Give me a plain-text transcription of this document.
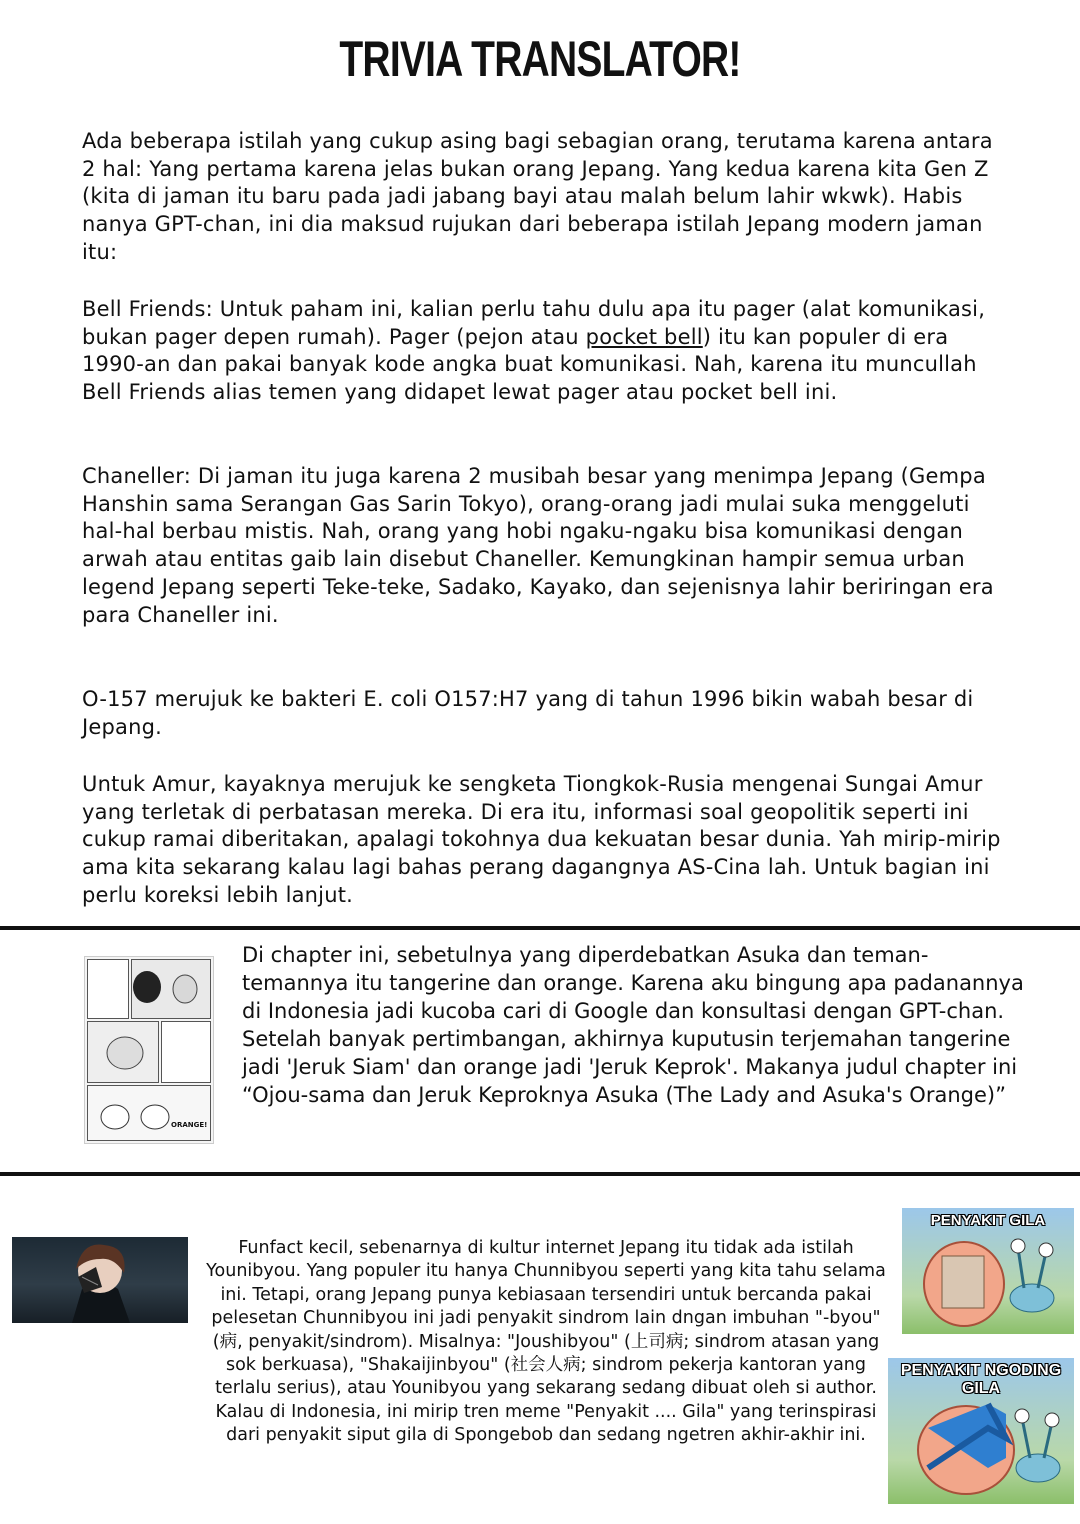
TRIVIA TRANSLATOR!

Ada beberapa istilah yang cukup asing bagi sebagian orang, terutama karena antara 2 hal: Yang pertama karena jelas bukan orang Jepang. Yang kedua karena kita Gen Z (kita di jaman itu baru pada jadi jabang bayi atau malah belum lahir wkwk). Habis nanya GPT-chan, ini dia maksud rujukan dari beberapa istilah Jepang modern jaman itu:

Bell Friends: Untuk paham ini, kalian perlu tahu dulu apa itu pager (alat komunikasi, bukan pager depen rumah). Pager (pejon atau pocket bell) itu kan populer di era 1990-an dan pakai banyak kode angka buat komunikasi. Nah, karena itu muncullah Bell Friends alias temen yang didapet lewat pager atau pocket bell ini.

Chaneller: Di jaman itu juga karena 2 musibah besar yang menimpa Jepang (Gempa Hanshin sama Serangan Gas Sarin Tokyo), orang-orang jadi mulai suka menggeluti hal-hal berbau mistis. Nah, orang yang hobi ngaku-ngaku bisa komunikasi dengan arwah atau entitas gaib lain disebut Chaneller. Kemungkinan hampir semua urban legend Jepang seperti Teke-teke, Sadako, Kayako, dan sejenisnya lahir beriringan era para Chaneller ini.

O-157 merujuk ke bakteri E. coli O157:H7 yang di tahun 1996 bikin wabah besar di Jepang.

Untuk Amur, kayaknya merujuk ke sengketa Tiongkok-Rusia mengenai Sungai Amur yang terletak di perbatasan mereka. Di era itu, informasi soal geopolitik seperti ini cukup ramai diberitakan, apalagi tokohnya dua kekuatan besar dunia. Yah mirip-mirip ama kita sekarang kalau lagi bahas perang dagangnya AS-Cina lah. Untuk bagian ini perlu koreksi lebih lanjut.

ORANGE!

Di chapter ini, sebetulnya yang diperdebatkan Asuka dan teman-temannya itu tangerine dan orange. Karena aku bingung apa padanannya di Indonesia jadi kucoba cari di Google dan konsultasi dengan GPT-chan. Setelah banyak pertimbangan, akhirnya kuputusin terjemahan tangerine jadi 'Jeruk Siam' dan orange jadi 'Jeruk Keprok'. Makanya judul chapter ini “Ojou-sama dan Jeruk Keproknya Asuka (The Lady and Asuka's Orange)”

Funfact kecil, sebenarnya di kultur internet Jepang itu tidak ada istilah Younibyou. Yang populer itu hanya Chunnibyou seperti yang kita tahu selama ini. Tetapi, orang Jepang punya kebiasaan tersendiri untuk bercanda pakai pelesetan Chunnibyou ini jadi penyakit sindrom lain dngan imbuhan "-byou" (病, penyakit/sindrom). Misalnya: "Joushibyou" (上司病; sindrom atasan yang sok berkuasa), "Shakaijinbyou" (社会人病; sindrom pekerja kantoran yang terlalu serius), atau Younibyou yang sekarang sedang dibuat oleh si author. Kalau di Indonesia, ini mirip tren meme "Penyakit .... Gila" yang terinspirasi dari penyakit siput gila di Spongebob dan sedang ngetren akhir-akhir ini.

PENYAKIT GILA
PENYAKIT NGODING GILA
